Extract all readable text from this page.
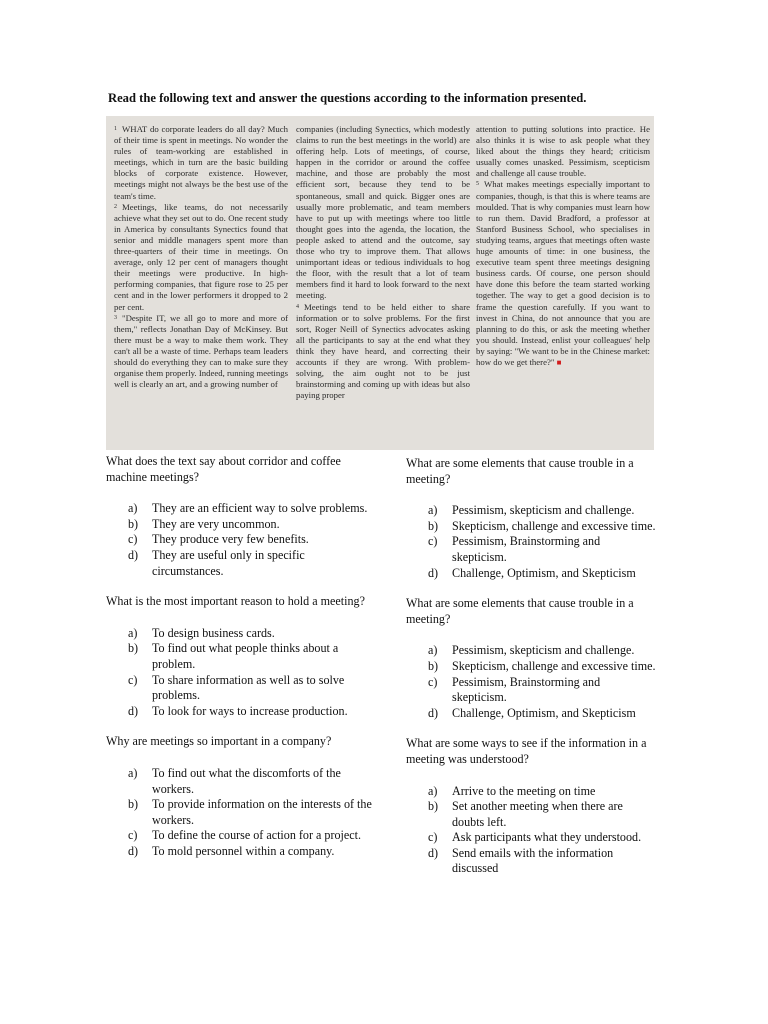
Read the following text and answer the questions according to the information presented.

$^1$ WHAT do corporate leaders do all day? Much of their time is spent in meetings. No wonder the rules of team-working are established in meetings, which in turn are the basic building blocks of corporate existence. However, meetings might not always be the best use of the team's time.

$^2$ Meetings, like teams, do not necessarily achieve what they set out to do. One recent study in America by consultants Synectics found that senior and middle managers spent more than three-quarters of their time in meetings. On average, only 12 per cent of managers thought their meetings were productive. In high-performing companies, that figure rose to 25 per cent and in the lower performers it dropped to 2 per cent.

$^3$ "Despite IT, we all go to more and more of them," reflects Jonathan Day of McKinsey. But there must be a way to make them work. They can't all be a waste of time. Perhaps team leaders should do everything they can to make sure they organise them properly. Indeed, running meetings well is clearly an art, and a growing number of

companies (including Synectics, which modestly claims to run the best meetings in the world) are offering help. Lots of meetings, of course, happen in the corridor or around the coffee machine, and those are probably the most efficient sort, because they tend to be spontaneous, small and quick. Bigger ones are usually more problematic, and team members have to put up with meetings where too little thought goes into the agenda, the location, the people asked to attend and the outcome, say those who try to improve them. That allows unimportant ideas or tedious individuals to hog the floor, with the result that a lot of team members find it hard to look forward to the next meeting.

$^4$ Meetings tend to be held either to share information or to solve problems. For the first sort, Roger Neill of Synectics advocates asking all the participants to say at the end what they think they have heard, and correcting their accounts if they are wrong. With problem-solving, the aim ought not to be just brainstorming and coming up with ideas but also paying proper

attention to putting solutions into practice. He also thinks it is wise to ask people what they liked about the things they heard; criticism usually comes unasked. Pessimism, scepticism and challenge all cause trouble.

$^5$ What makes meetings especially important to companies, though, is that this is where teams are moulded. That is why companies must learn how to run them. David Bradford, a professor at Stanford Business School, who specialises in studying teams, argues that meetings often waste huge amounts of time: in one business, the executive team spent three meetings designing business cards. Of course, one person should have done this before the team started working together. The way to get a good decision is to frame the question carefully. If you want to invest in China, do not announce that you are planning to do this, or ask the meeting whether you should. Instead, enlist your colleagues' help by saying: "We want to be in the Chinese market: how do we get there?" ■

What does the text say about corridor and coffee machine meetings?

a) They are an efficient way to solve problems.
b) They are very uncommon.
c) They produce very few benefits.
d) They are useful only in specific circumstances.

What is the most important reason to hold a meeting?

a) To design business cards.
b) To find out what people thinks about a problem.
c) To share information as well as to solve problems.
d) To look for ways to increase production.

Why are meetings so important in a company?

a) To find out what the discomforts of the workers.
b) To provide information on the interests of the workers.
c) To define the course of action for a project.
d) To mold personnel within a company.

What are some elements that cause trouble in a meeting?

a) Pessimism, skepticism and challenge.
b) Skepticism, challenge and excessive time.
c) Pessimism, Brainstorming and skepticism.
d) Challenge, Optimism, and Skepticism

What are some elements that cause trouble in a meeting?

a) Pessimism, skepticism and challenge.
b) Skepticism, challenge and excessive time.
c) Pessimism, Brainstorming and skepticism.
d) Challenge, Optimism, and Skepticism

What are some ways to see if the information in a meeting was understood?

a) Arrive to the meeting on time
b) Set another meeting when there are doubts left.
c) Ask participants what they understood.
d) Send emails with the information discussed
